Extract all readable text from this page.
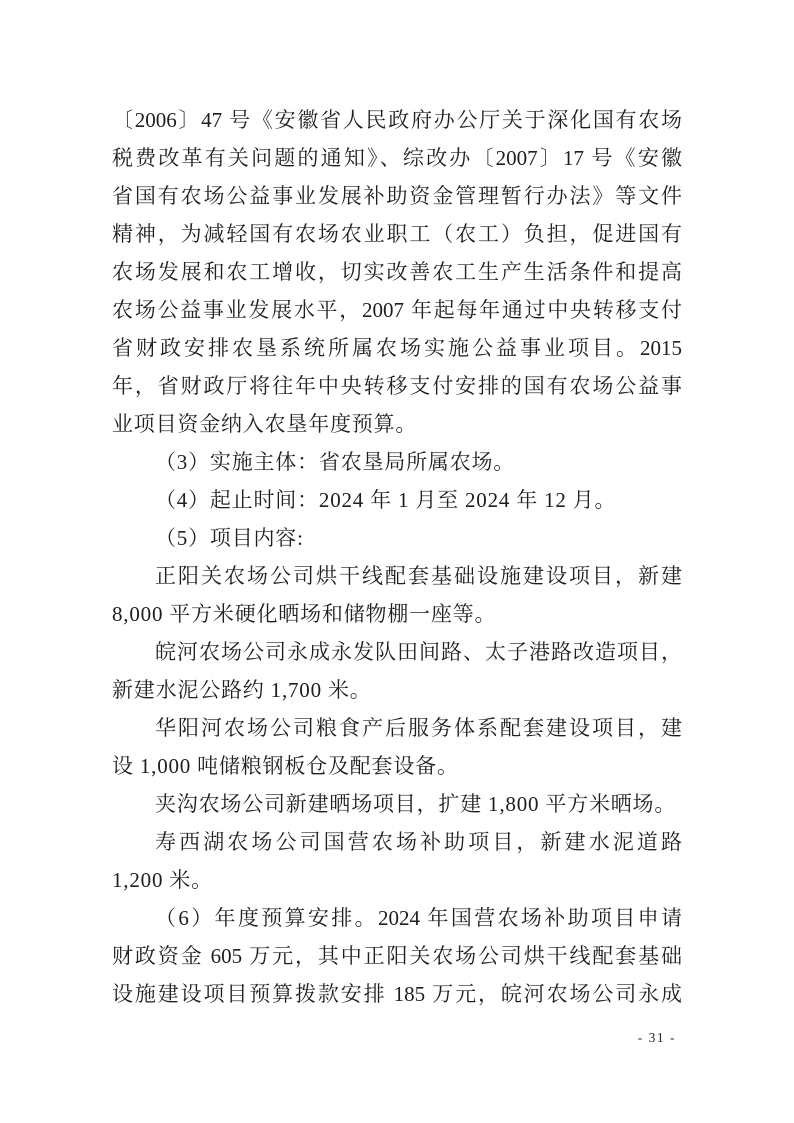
〔2006〕47 号《安徽省人民政府办公厅关于深化国有农场
税费改革有关问题的通知》、综改办〔2007〕17 号《安徽
省国有农场公益事业发展补助资金管理暂行办法》等文件
精神，为减轻国有农场农业职工（农工）负担，促进国有
农场发展和农工增收，切实改善农工生产生活条件和提高
农场公益事业发展水平，2007 年起每年通过中央转移支付
省财政安排农垦系统所属农场实施公益事业项目。2015
年，省财政厅将往年中央转移支付安排的国有农场公益事
业项目资金纳入农垦年度预算。
（3）实施主体：省农垦局所属农场。
（4）起止时间：2024 年 1 月至 2024 年 12 月。
（5）项目内容:
正阳关农场公司烘干线配套基础设施建设项目，新建
8,000 平方米硬化晒场和储物棚一座等。
皖河农场公司永成永发队田间路、太子港路改造项目，
新建水泥公路约 1,700 米。
华阳河农场公司粮食产后服务体系配套建设项目，建
设 1,000 吨储粮钢板仓及配套设备。
夹沟农场公司新建晒场项目，扩建 1,800 平方米晒场。
寿西湖农场公司国营农场补助项目，新建水泥道路
1,200 米。
（6）年度预算安排。2024 年国营农场补助项目申请
财政资金 605 万元，其中正阳关农场公司烘干线配套基础
设施建设项目预算拨款安排 185 万元，皖河农场公司永成
- 31 -
